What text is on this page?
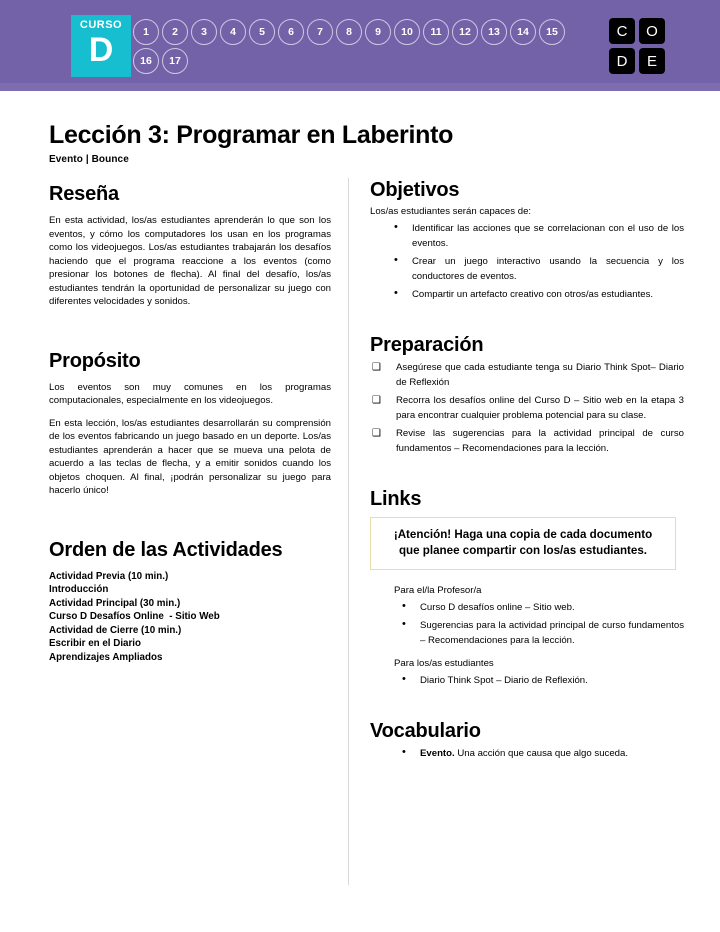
CURSO
D	1	2	3	4	5	6	7	8	9	10	11	12	13	14	15
16	17
C	O
D	E
Lección 3: Programar en Laberinto
Evento | Bounce
Reseña

En esta actividad, los/as estudiantes aprenderán lo que son los eventos, y cómo los computadores los usan en los programas como los videojuegos. Los/as estudiantes trabajarán los desafíos haciendo que el programa reaccione a los eventos (como presionar los botones de flecha). Al final del desafío, los/as estudiantes tendrán la oportunidad de personalizar su juego con diferentes velocidades y sonidos.

Propósito

Los eventos son muy comunes en los programas computacionales, especialmente en los videojuegos.

En esta lección, los/as estudiantes desarrollarán su comprensión de los eventos fabricando un juego basado en un deporte. Los/as estudiantes aprenderán a hacer que se mueva una pelota de acuerdo a las teclas de flecha, y a emitir sonidos cuando los objetos choquen. Al final, ¡podrán personalizar su juego para hacerlo único!

Orden de las Actividades
Actividad Previa (10 min.)
Introducción
Actividad Principal (30 min.)
Curso D Desafíos Online  - Sitio Web
Actividad de Cierre (10 min.)
Escribir en el Diario
Aprendizajes Ampliados
Objetivos

Los/as estudiantes serán capaces de:

• Identificar las acciones que se correlacionan con el uso de los eventos.
• Crear un juego interactivo usando la secuencia y los conductores de eventos.
• Compartir un artefacto creativo con otros/as estudiantes.
Preparación
❑ Asegúrese que cada estudiante tenga su Diario Think Spot– Diario de Reflexión
❑ Recorra los desafíos online del Curso D – Sitio web en la etapa 3 para encontrar cualquier problema potencial para su clase.
❑ Revise las sugerencias para la actividad principal de curso fundamentos – Recomendaciones para la lección.
Links

¡Atención! Haga una copia de cada documento que planee compartir con los/as estudiantes.

Para el/la Profesor/a

• Curso D desafíos online – Sitio web.
• Sugerencias para la actividad principal de curso fundamentos – Recomendaciones para la lección.

Para los/as estudiantes

• Diario Think Spot – Diario de Reflexión.
Vocabulario
• Evento. Una acción que causa que algo suceda.
